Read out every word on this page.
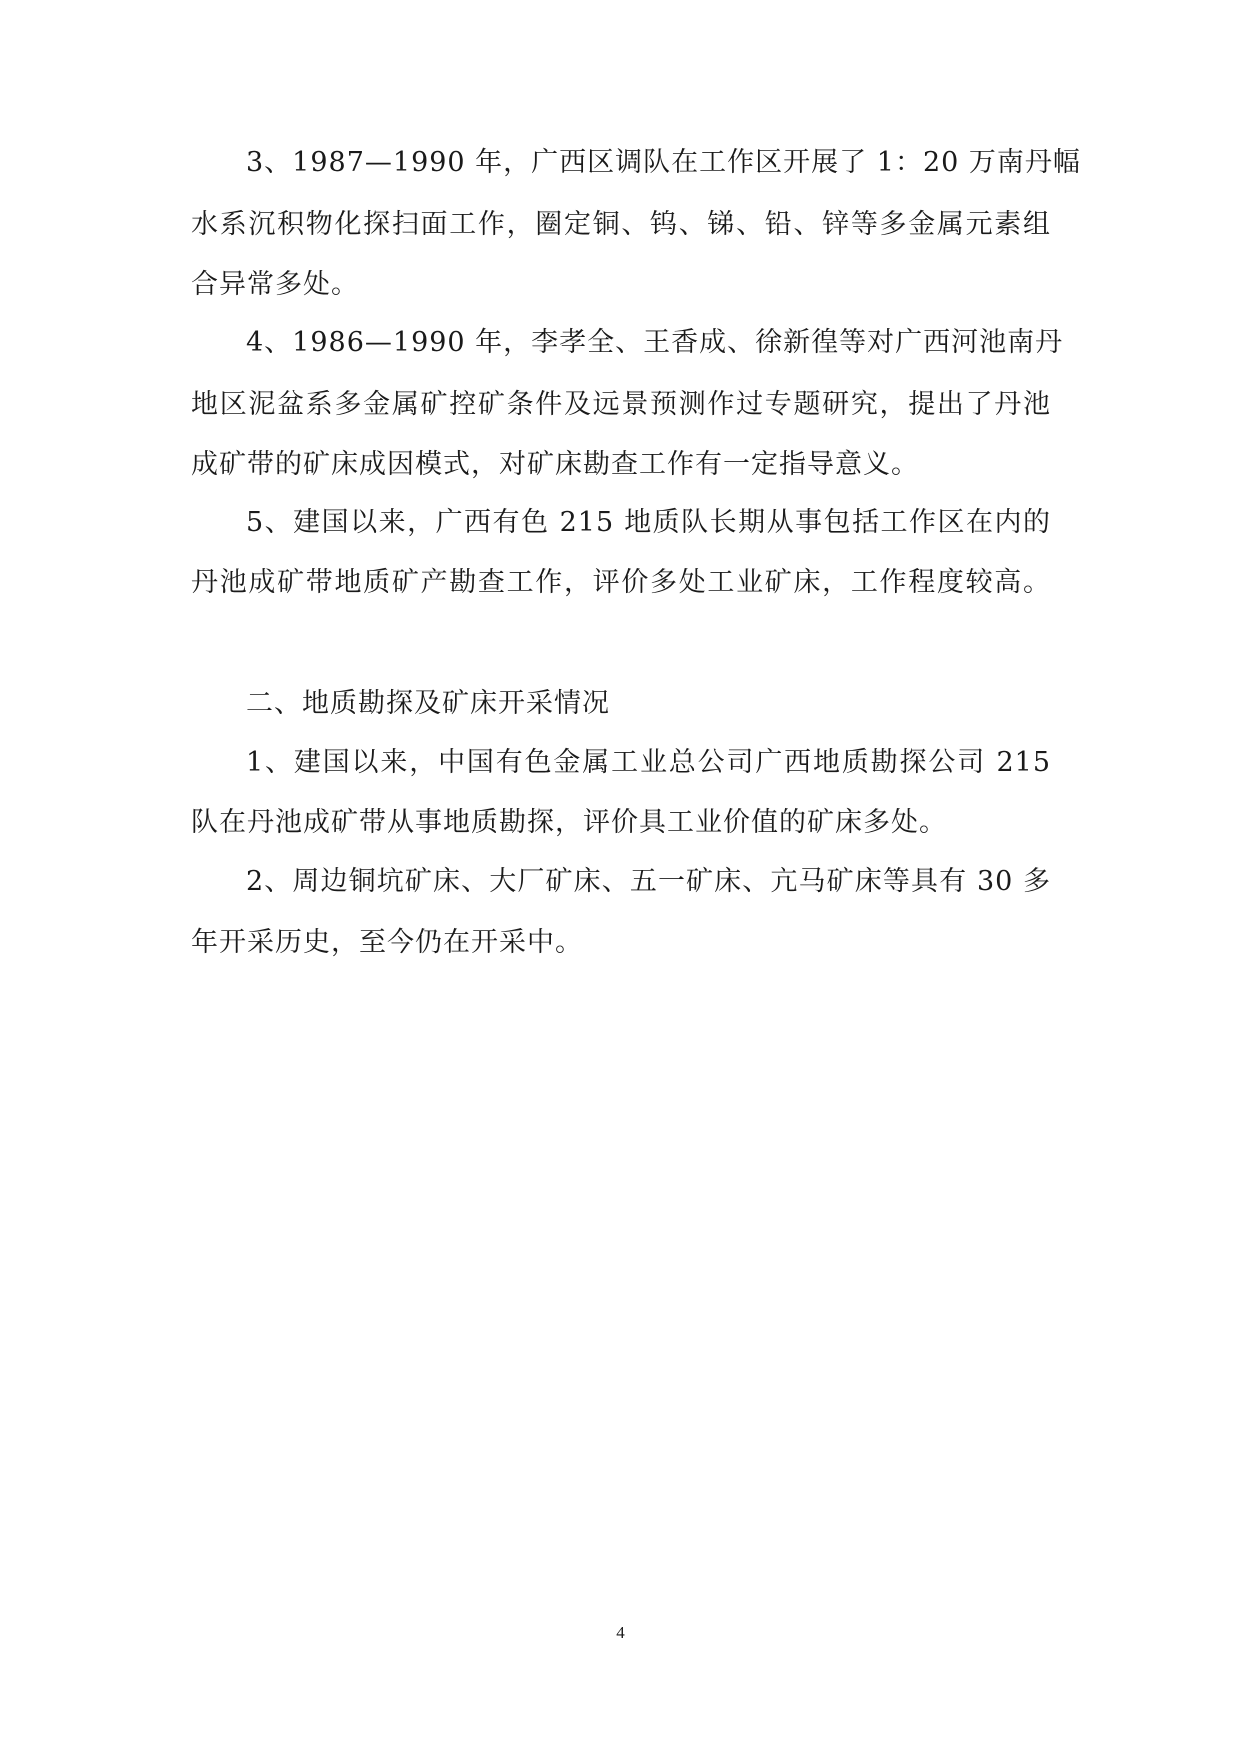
3、1987—1990 年，广西区调队在工作区开展了 1：20 万南丹幅
水系沉积物化探扫面工作，圈定铜、钨、锑、铅、锌等多金属元素组
合异常多处。
4、1986—1990 年，李孝全、王香成、徐新徨等对广西河池南丹
地区泥盆系多金属矿控矿条件及远景预测作过专题研究，提出了丹池
成矿带的矿床成因模式，对矿床勘查工作有一定指导意义。
5、建国以来，广西有色 215 地质队长期从事包括工作区在内的
丹池成矿带地质矿产勘查工作，评价多处工业矿床，工作程度较高。
二、地质勘探及矿床开采情况
1、建国以来，中国有色金属工业总公司广西地质勘探公司 215
队在丹池成矿带从事地质勘探，评价具工业价值的矿床多处。
2、周边铜坑矿床、大厂矿床、五一矿床、亢马矿床等具有 30 多
年开采历史，至今仍在开采中。
4
